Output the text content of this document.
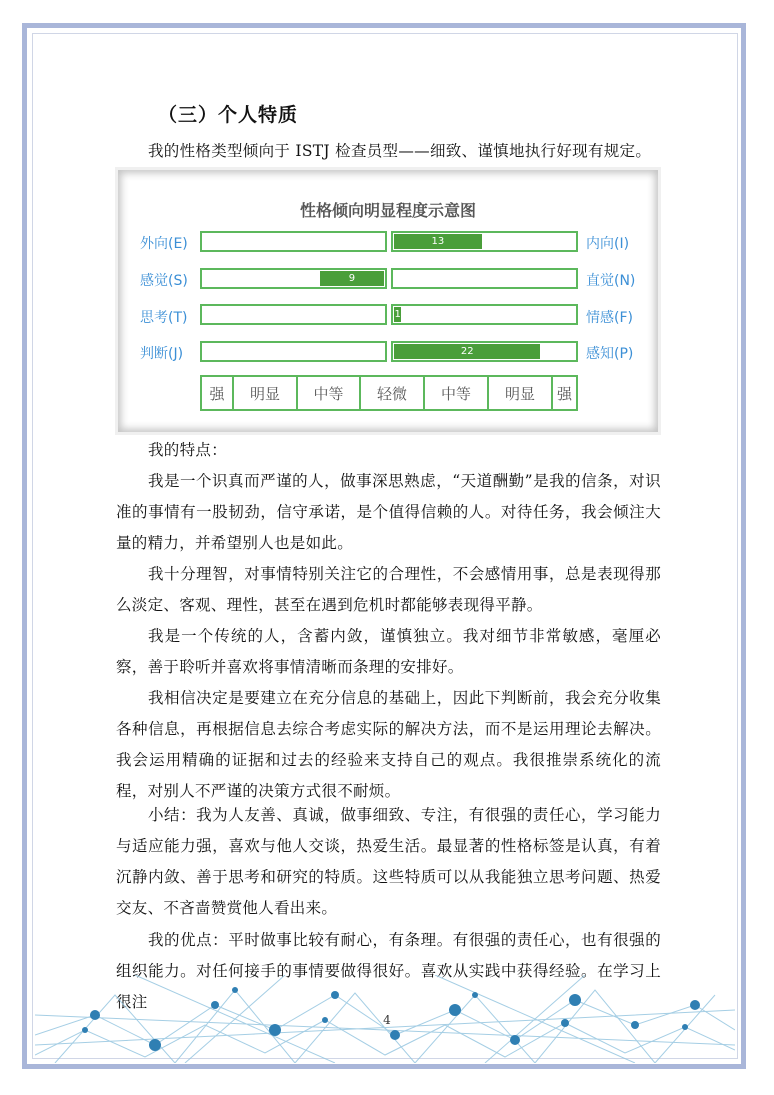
（三）个人特质
我的性格类型倾向于 ISTJ 检查员型——细致、谨慎地执行好现有规定。
性格倾向明显程度示意图
外向(E)	13	内向(I)
感觉(S)	9	直觉(N)
思考(T)	1	情感(F)
判断(J)	22	感知(P)
强	明显	中等	轻微	中等	明显	强
我的特点：
我是一个识真而严谨的人，做事深思熟虑，“天道酬勤”是我的信条，对识准的事情有一股韧劲，信守承诺，是个值得信赖的人。对待任务，我会倾注大量的精力，并希望别人也是如此。
我十分理智，对事情特别关注它的合理性，不会感情用事，总是表现得那么淡定、客观、理性，甚至在遇到危机时都能够表现得平静。
我是一个传统的人，含蓄内敛，谨慎独立。我对细节非常敏感，毫厘必察，善于聆听并喜欢将事情清晰而条理的安排好。
我相信决定是要建立在充分信息的基础上，因此下判断前，我会充分收集各种信息，再根据信息去综合考虑实际的解决方法，而不是运用理论去解决。我会运用精确的证据和过去的经验来支持自己的观点。我很推崇系统化的流程，对别人不严谨的决策方式很不耐烦。
小结：我为人友善、真诚，做事细致、专注，有很强的责任心，学习能力与适应能力强，喜欢与他人交谈，热爱生活。最显著的性格标签是认真，有着沉静内敛、善于思考和研究的特质。这些特质可以从我能独立思考问题、热爱交友、不吝啬赞赏他人看出来。
我的优点：平时做事比较有耐心，有条理。有很强的责任心，也有很强的组织能力。对任何接手的事情要做得很好。喜欢从实践中获得经验。在学习上很注
4
